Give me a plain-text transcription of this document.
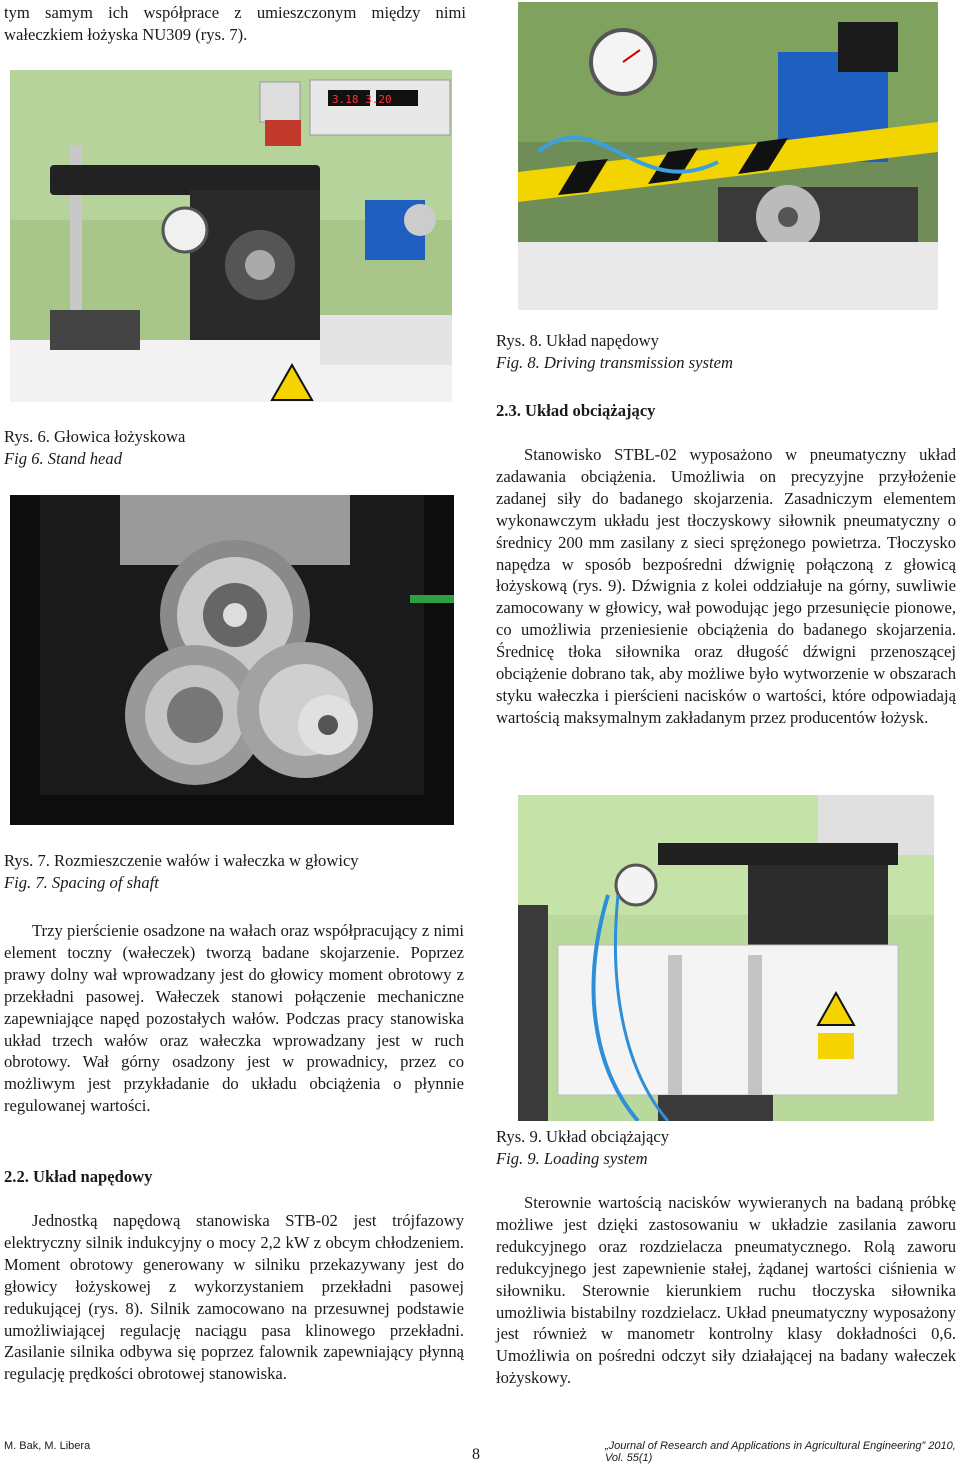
tym samym ich współprace z umieszczonym między nimi wałeczkiem łożyska NU309 (rys. 7).
3.18 3.20
Rys. 6. Głowica łożyskowa
Fig 6. Stand head
Rys. 7. Rozmieszczenie wałów i wałeczka w głowicy
Fig. 7. Spacing of shaft
Trzy pierścienie osadzone na wałach oraz współpracujący z nimi element toczny (wałeczek) tworzą badane skojarzenie. Poprzez prawy dolny wał wprowadzany jest do głowicy moment obrotowy z przekładni pasowej. Wałeczek stanowi połączenie mechaniczne zapewniające napęd pozostałych wałów. Podczas pracy stanowiska układ trzech wałów oraz wałeczka wprowadzany jest w ruch obrotowy. Wał górny osadzony jest w prowadnicy, przez co możliwym jest przykładanie do układu obciążenia o płynnie regulowanej wartości.
2.2. Układ napędowy
Jednostką napędową stanowiska STB-02 jest trójfazowy elektryczny silnik indukcyjny o mocy 2,2 kW z obcym chłodzeniem. Moment obrotowy generowany w silniku przekazywany jest do głowicy łożyskowej z wykorzystaniem przekładni pasowej redukującej (rys. 8). Silnik zamocowano na przesuwnej podstawie umożliwiającej regulację naciągu pasa klinowego przekładni. Zasilanie silnika odbywa się poprzez falownik zapewniający płynną regulację prędkości obrotowej stanowiska.
Rys. 8. Układ napędowy
Fig. 8. Driving transmission system
2.3. Układ obciążający
Stanowisko STBL-02 wyposażono w pneumatyczny układ zadawania obciążenia. Umożliwia on precyzyjne przyłożenie zadanej siły do badanego skojarzenia. Zasadniczym elementem wykonawczym układu jest tłoczyskowy siłownik pneumatyczny o średnicy 200 mm zasilany z sieci sprężonego powietrza. Tłoczysko napędza w sposób bezpośredni dźwignię połączoną z głowicą łożyskową (rys. 9). Dźwignia z kolei oddziałuje na górny, suwliwie zamocowany w głowicy, wał powodując jego przesunięcie pionowe, co umożliwia przeniesienie obciążenia do badanego skojarzenia. Średnicę tłoka siłownika oraz długość dźwigni przenoszącej obciążenie dobrano tak, aby możliwe było wytworzenie w obszarach styku wałeczka i pierścieni nacisków o wartości, które odpowiadają wartością maksymalnym zakładanym przez producentów łożysk.
Rys. 9. Układ obciążający
Fig. 9. Loading system
Sterownie wartością nacisków wywieranych na badaną próbkę możliwe jest dzięki zastosowaniu w układzie zasilania zaworu redukcyjnego oraz rozdzielacza pneumatycznego. Rolą zaworu redukcyjnego jest zapewnienie stałej, żądanej wartości ciśnienia w siłowniku. Sterownie kierunkiem ruchu tłoczyska siłownika umożliwia bistabilny rozdzielacz. Układ pneumatyczny wyposażony jest również w manometr kontrolny klasy dokładności 0,6. Umożliwia on pośredni odczyt siły działającej na badany wałeczek łożyskowy.
M. Bak, M. Libera	8	„Journal of Research and Applications in Agricultural Engineering” 2010, Vol. 55(1)
